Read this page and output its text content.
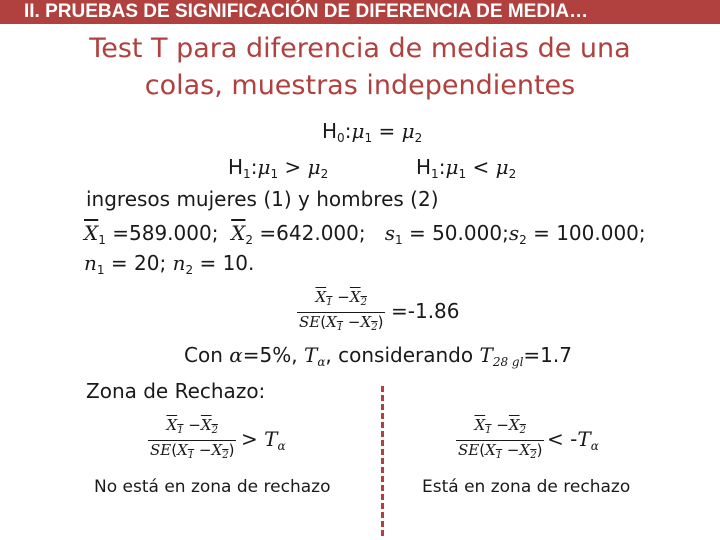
II. PRUEBAS DE SIGNIFICACIÓN DE DIFERENCIA DE MEDIA…
Test T para diferencia de medias de una
colas, muestras independientes
$H_0:\mu_1 = \mu_2$
$H_1:\mu_1 > \mu_2$	$H_1:\mu_1 < \mu_2$
ingresos mujeres (1) y hombres (2)
$\overline{X}_1 =589.000$; $\overline{X}_2 =642.000$; $s_1$ = $50.000;s_2 = 100.000$;
$n_1 = 20$; $n_2 = 10$.
$\frac{X_1 -X_2}{SE(X_1 -X_2)} =-1.86$
Con α=5%, $T_\alpha$, considerando $T_{28 gl}=1.7$
Zona de Rechazo:
$\frac{X_1 -X_2}{SE(X_1 -X_2)} > T_\alpha$	$\frac{X_1 -X_2}{SE(X_1 -X_2)} < -T_\alpha$
No está en zona de rechazo	Está en zona de rechazo
